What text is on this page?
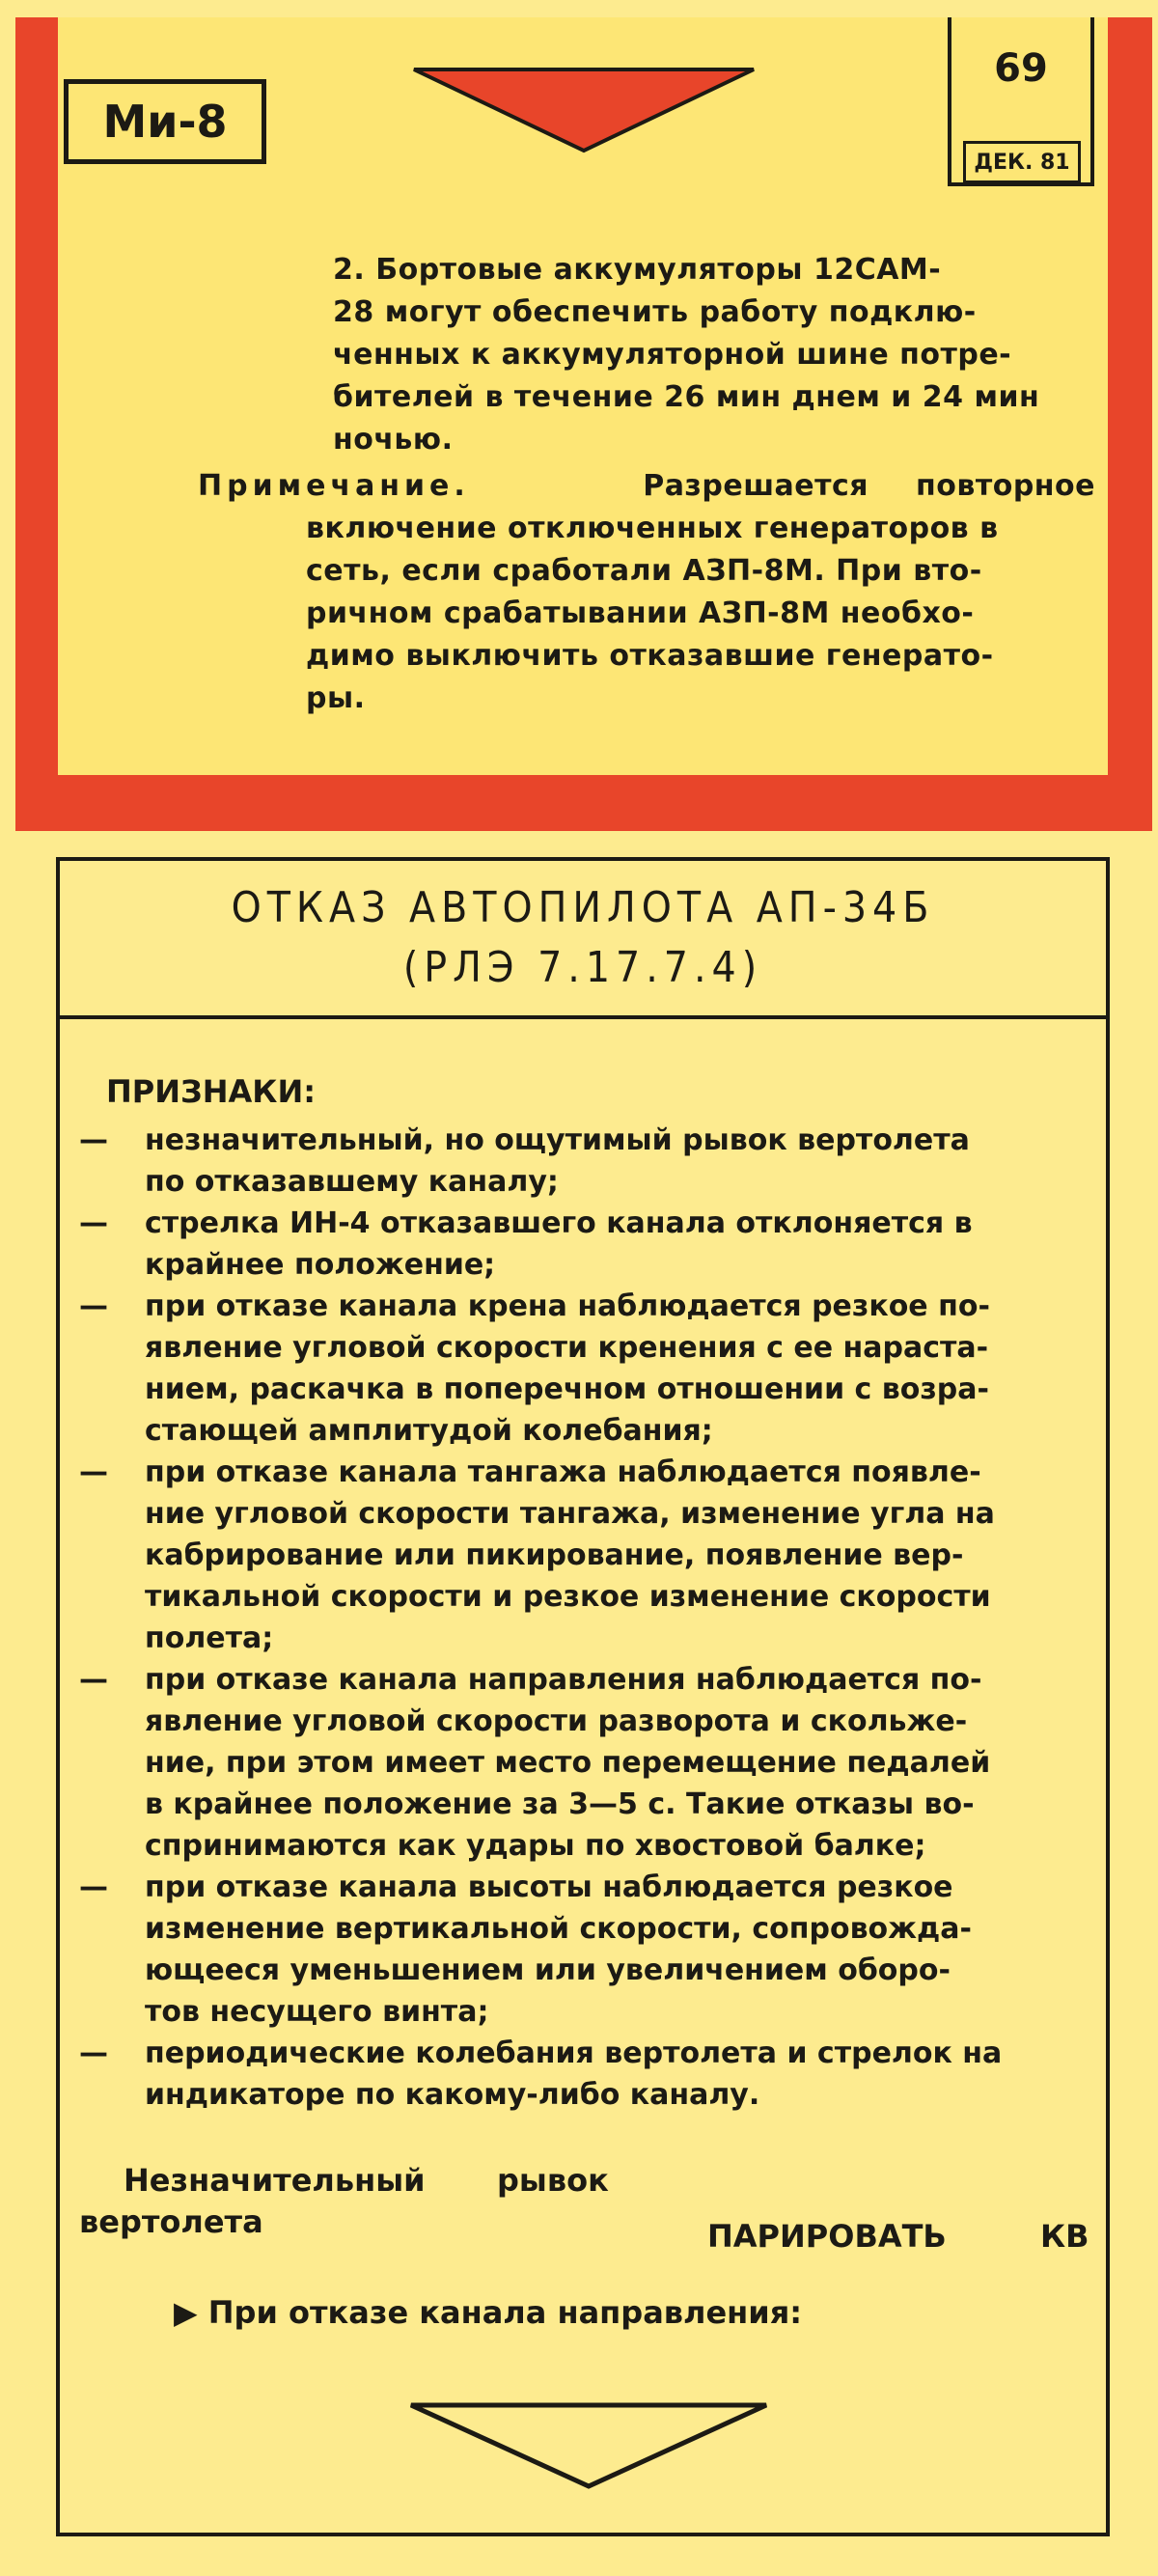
Ми-8
69
ДЕК. 81
2. Бортовые аккумуляторы 12САМ-
28 могут обеспечить работу подклю-
ченных к аккумуляторной шине потре-
бителей в течение 26 мин днем и 24 мин
ночью.
Примечание.	Разрешается повторное
включение отключенных генераторов в
сеть, если сработали АЗП-8М. При вто-
ричном срабатывании АЗП-8М необхо-
димо выключить отказавшие генерато-
ры.
ОТКАЗ АВТОПИЛОТА АП-34Б
(РЛЭ 7.17.7.4)
ПРИЗНАКИ:
— незначительный, но ощутимый рывок вертолета
по отказавшему каналу;
— стрелка ИН-4 отказавшего канала отклоняется в
крайнее положение;
— при отказе канала крена наблюдается резкое по-
явление угловой скорости кренения с ее нараста-
нием, раскачка в поперечном отношении с возра-
стающей амплитудой колебания;
— при отказе канала тангажа наблюдается появле-
ние угловой скорости тангажа, изменение угла на
кабрирование или пикирование, появление вер-
тикальной скорости и резкое изменение скорости
полета;
— при отказе канала направления наблюдается по-
явление угловой скорости разворота и скольже-
ние, при этом имеет место перемещение педалей
в крайнее положение за 3—5 с. Такие отказы во-
спринимаются как удары по хвостовой балке;
— при отказе канала высоты наблюдается резкое
изменение вертикальной скорости, сопровожда-
ющееся уменьшением или увеличением оборо-
тов несущего винта;
— периодические колебания вертолета и стрелок на
индикаторе по какому-либо каналу.
Незначительный рывок
вертолета	ПАРИРОВАТЬ	КВ
▶ При отказе канала направления:
